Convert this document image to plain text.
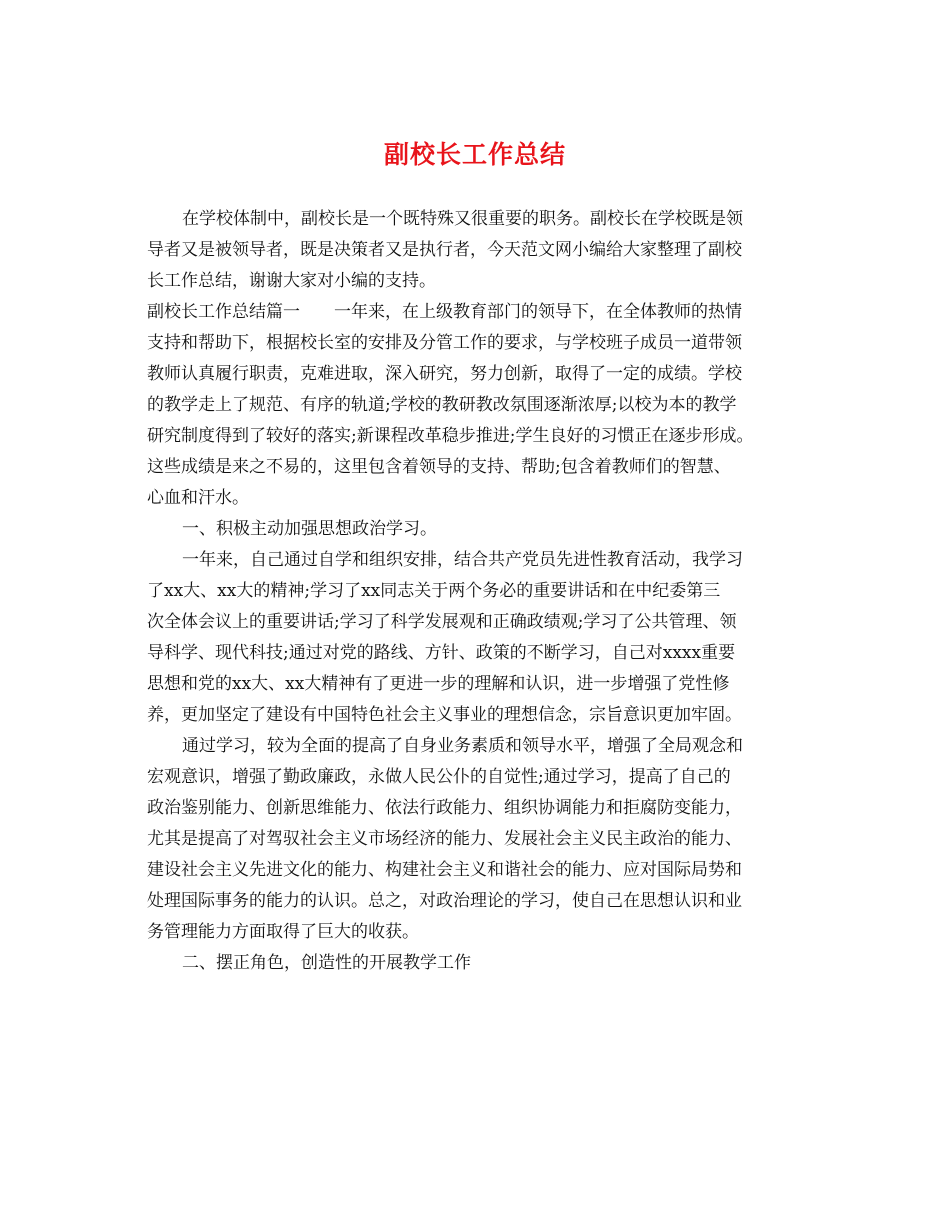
副校长工作总结
在学校体制中，副校长是一个既特殊又很重要的职务。副校长在学校既是领
导者又是被领导者，既是决策者又是执行者，今天范文网小编给大家整理了副校
长工作总结，谢谢大家对小编的支持。
副校长工作总结篇一　　一年来，在上级教育部门的领导下，在全体教师的热情
支持和帮助下，根据校长室的安排及分管工作的要求，与学校班子成员一道带领
教师认真履行职责，克难进取，深入研究，努力创新，取得了一定的成绩。学校
的教学走上了规范、有序的轨道;学校的教研教改氛围逐渐浓厚;以校为本的教学
研究制度得到了较好的落实;新课程改革稳步推进;学生良好的习惯正在逐步形成。
这些成绩是来之不易的，这里包含着领导的支持、帮助;包含着教师们的智慧、
心血和汗水。
一、积极主动加强思想政治学习。
一年来，自己通过自学和组织安排，结合共产党员先进性教育活动，我学习
了xx大、xx大的精神;学习了xx同志关于两个务必的重要讲话和在中纪委第三
次全体会议上的重要讲话;学习了科学发展观和正确政绩观;学习了公共管理、领
导科学、现代科技;通过对党的路线、方针、政策的不断学习，自己对xxxx重要
思想和党的xx大、xx大精神有了更进一步的理解和认识，进一步增强了党性修
养，更加坚定了建设有中国特色社会主义事业的理想信念，宗旨意识更加牢固。
通过学习，较为全面的提高了自身业务素质和领导水平，增强了全局观念和
宏观意识，增强了勤政廉政，永做人民公仆的自觉性;通过学习，提高了自己的
政治鉴别能力、创新思维能力、依法行政能力、组织协调能力和拒腐防变能力，
尤其是提高了对驾驭社会主义市场经济的能力、发展社会主义民主政治的能力、
建设社会主义先进文化的能力、构建社会主义和谐社会的能力、应对国际局势和
处理国际事务的能力的认识。总之，对政治理论的学习，使自己在思想认识和业
务管理能力方面取得了巨大的收获。
二、摆正角色，创造性的开展教学工作
